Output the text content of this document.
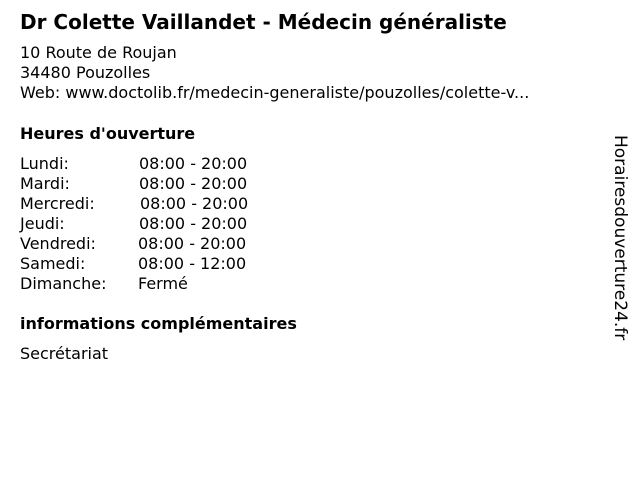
Dr Colette Vaillandet - Médecin généraliste
10 Route de Roujan
34480 Pouzolles
Web: www.doctolib.fr/medecin-generaliste/pouzolles/colette-v...
Heures d'ouverture
Lundi:	08:00 - 20:00
Mardi:	08:00 - 20:00
Mercredi:	08:00 - 20:00
Jeudi:	08:00 - 20:00
Vendredi:	08:00 - 20:00
Samedi:	08:00 - 12:00
Dimanche: Fermé
informations complémentaires
Secrétariat
Horairesdouverture24.fr
